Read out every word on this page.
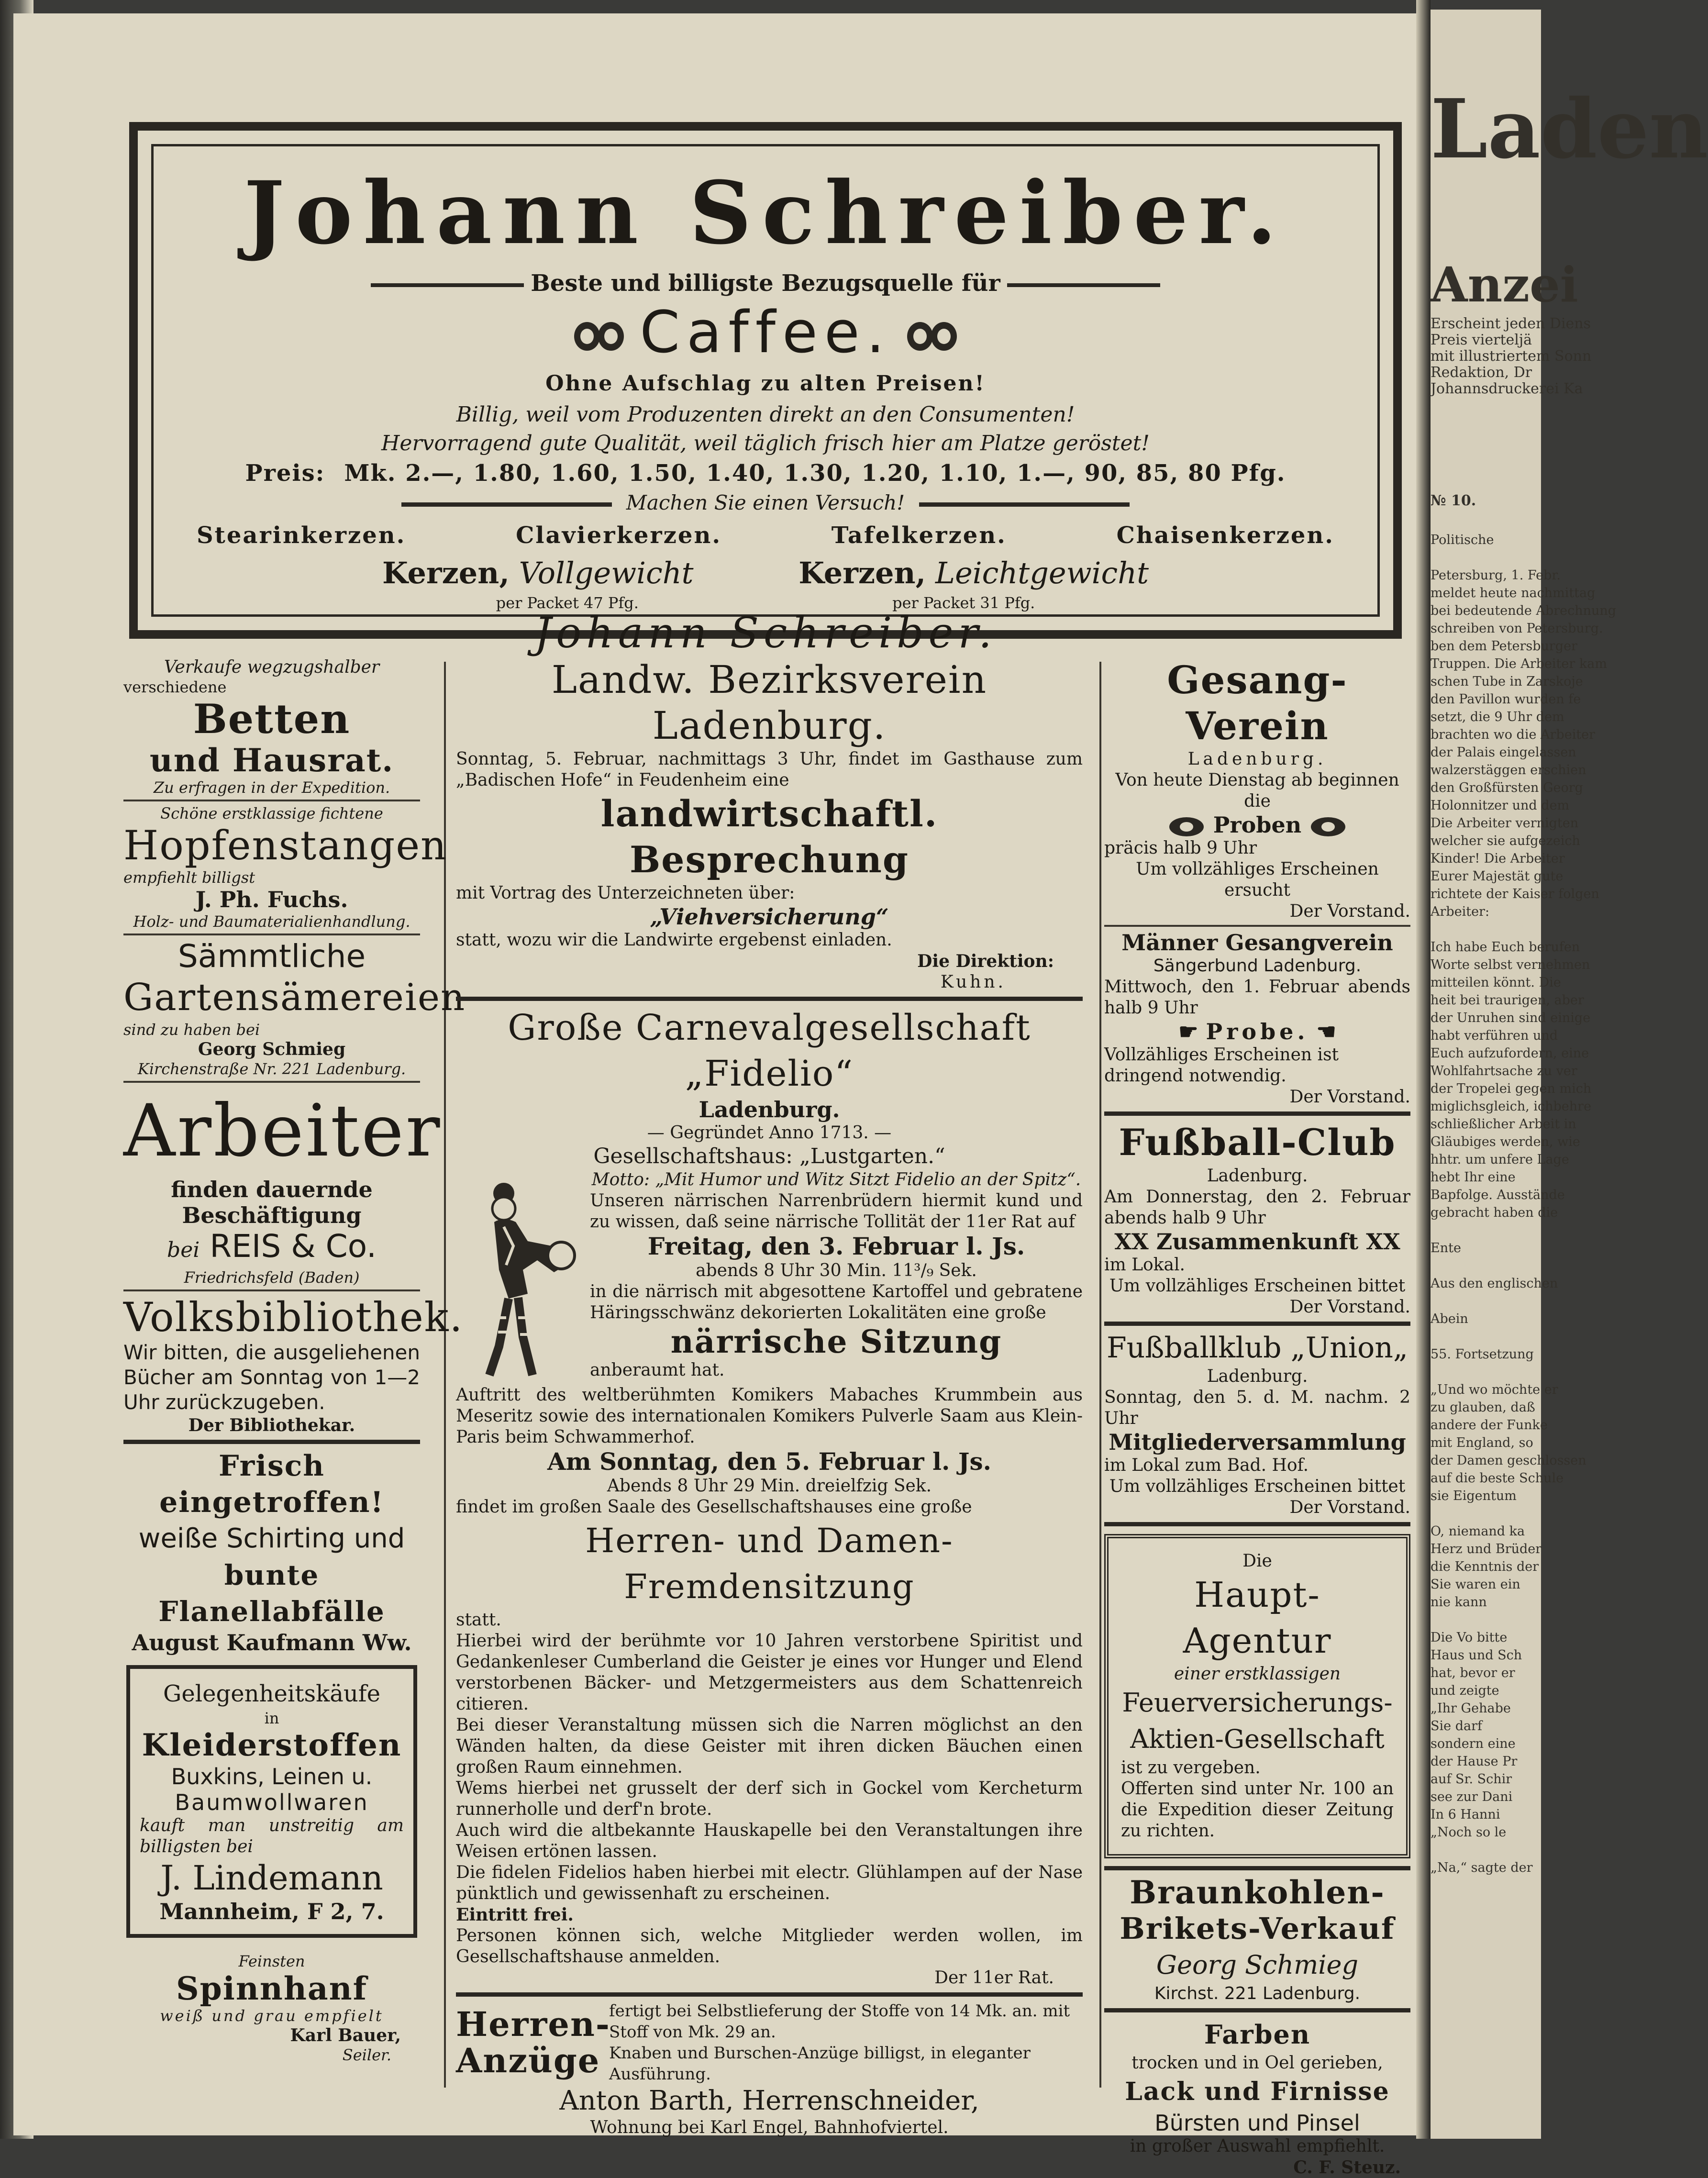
Johann Schreiber.
Beste und billigste Bezugsquelle für
Caffee.
Ohne Aufschlag zu alten Preisen!
Billig, weil vom Produzenten direkt an den Consumenten!
Hervorragend gute Qualität, weil täglich frisch hier am Platze geröstet!
Preis: Mk. 2.—, 1.80, 1.60, 1.50, 1.40, 1.30, 1.20, 1.10, 1.—, 90, 85, 80 Pfg.
Machen Sie einen Versuch!
Stearinkerzen.	Clavierkerzen.	Tafelkerzen.	Chaisenkerzen.
Kerzen, Vollgewicht	Kerzen, Leichtgewicht
per Packet 47 Pfg.	per Packet 31 Pfg.
Johann Schreiber.

Verkaufe wegzugshalber

verschiedene

Betten

und Hausrat.

Zu erfragen in der Expedition.

Schöne erstklassige fichtene

Hopfenstangen

empfiehlt billigst

J. Ph. Fuchs.

Holz- und Baumaterialienhandlung.

Sämmtliche

Gartensämereien

sind zu haben bei

Georg Schmieg

Kirchenstraße Nr. 221 Ladenburg.

Arbeiter

finden dauernde Beschäftigung

bei REIS & Co.

Friedrichsfeld (Baden)

Volksbibliothek.

Wir bitten, die ausgeliehenen Bücher am Sonntag von 1—2 Uhr zurückzugeben.

Der Bibliothekar.

Frisch eingetroffen!

weiße Schirting und

bunte Flanellabfälle

August Kaufmann Ww.

Gelegenheitskäufe

in

Kleiderstoffen

Buxkins, Leinen u.

Baumwollwaren

kauft man unstreitig am billigsten bei

J. Lindemann

Mannheim, F 2, 7.

Feinsten

Spinnhanf

weiß und grau empfielt

Karl Bauer,

Seiler.

Landw. Bezirksverein Ladenburg.

Sonntag, 5. Februar, nachmittags 3 Uhr, findet im Gasthause zum „Badischen Hofe“ in Feudenheim eine

landwirtschaftl. Besprechung

mit Vortrag des Unterzeichneten über:

„Viehversicherung“

statt, wozu wir die Landwirte ergebenst einladen.

Die Direktion:

Kuhn.

Große Carnevalgesellschaft „Fidelio“

Ladenburg.

— Gegründet Anno 1713. —

Gesellschaftshaus: „Lustgarten.“

Motto: „Mit Humor und Witz Sitzt Fidelio an der Spitz“.

Unseren närrischen Narrenbrüdern hiermit kund und zu wissen, daß seine närrische Tollität der 11er Rat auf

Freitag, den 3. Februar l. Js.

abends 8 Uhr 30 Min. 11³/₉ Sek.

in die närrisch mit abgesottene Kartoffel und gebratene Häringsschwänz dekorierten Lokalitäten eine große

närrische Sitzung

anberaumt hat.

Auftritt des weltberühmten Komikers Mabaches Krummbein aus Meseritz sowie des internationalen Komikers Pulverle Saam aus Klein-Paris beim Schwammerhof.

Am Sonntag, den 5. Februar l. Js.

Abends 8 Uhr 29 Min. dreielfzig Sek.

findet im großen Saale des Gesellschaftshauses eine große

Herren- und Damen-Fremdensitzung

statt.

Hierbei wird der berühmte vor 10 Jahren verstorbene Spiritist und Gedankenleser Cumberland die Geister je eines vor Hunger und Elend verstorbenen Bäcker- und Metzgermeisters aus dem Schattenreich citieren.

Bei dieser Veranstaltung müssen sich die Narren möglichst an den Wänden halten, da diese Geister mit ihren dicken Bäuchen einen großen Raum einnehmen.

Wems hierbei net grusselt der derf sich in Gockel vom Kercheturm runnerholle und derf'n brote.

Auch wird die altbekannte Hauskapelle bei den Veranstaltungen ihre Weisen ertönen lassen.

Die fidelen Fidelios haben hierbei mit electr. Glühlampen auf der Nase pünktlich und gewissenhaft zu erscheinen.

Eintritt frei.

Personen können sich, welche Mitglieder werden wollen, im Gesellschaftshause anmelden.

Der 11er Rat.

Herren-

Anzüge

fertigt bei Selbstlieferung der Stoffe von 14 Mk. an. mit Stoff von Mk. 29 an.

Knaben und Burschen-Anzüge billigst, in eleganter Ausführung.

Anton Barth, Herrenschneider,

Wohnung bei Karl Engel, Bahnhofviertel.

Gesang-Verein

Ladenburg.

Von heute Dienstag ab beginnen die

Proben

präcis halb 9 Uhr

Um vollzähliges Erscheinen ersucht

Der Vorstand.

Männer Gesangverein

Sängerbund Ladenburg.

Mittwoch, den 1. Februar abends halb 9 Uhr

☛ Probe. ☚

Vollzähliges Erscheinen ist dringend notwendig.

Der Vorstand.

Fußball-Club

Ladenburg.

Am Donnerstag, den 2. Februar abends halb 9 Uhr

XX Zusammenkunft XX

im Lokal.

Um vollzähliges Erscheinen bittet

Der Vorstand.

Fußballklub „Union„

Ladenburg.

Sonntag, den 5. d. M. nachm. 2 Uhr

Mitgliederversammlung

im Lokal zum Bad. Hof.

Um vollzähliges Erscheinen bittet

Der Vorstand.

Die

Haupt-Agentur

einer erstklassigen

Feuerversicherungs-

Aktien-Gesellschaft

ist zu vergeben.

Offerten sind unter Nr. 100 an die Expedition dieser Zeitung zu richten.

Braunkohlen-

Brikets-Verkauf

Georg Schmieg

Kirchst. 221 Ladenburg.

Farben

trocken und in Oel gerieben,

Lack und Firnisse

Bürsten und Pinsel

in großer Auswahl empfiehlt.

C. F. Steuz.

Laden
Anzei
Erscheint jeden Diens
Preis vierteljä
mit illustriertem Sonn
Redaktion, Dr
Johannsdruckerei Ka
№ 10.
Politische

Petersburg, 1. Febr.
meldet heute nachmittag
bei bedeutende Abrechnung
schreiben von Petersburg.
ben dem Petersburger
Truppen. Die Arbeiter kam
schen Tube in Zarskoje
den Pavillon wurden fe
setzt, die 9 Uhr dem
brachten wo die Arbeiter
der Palais eingelassen
walzerstäggen erschien
den Großfürsten Georg
Holonnitzer und dem
Die Arbeiter vernigten
welcher sie aufgezeich
Kinder! Die Arbeiter
Eurer Majestät gute
richtete der Kaiser folgen
Arbeiter:

Ich habe Euch berufen
Worte selbst vernehmen
mitteilen könnt. Die
heit bei traurigen, aber
der Unruhen sind einige
habt verführen und
Euch aufzufordern, eine
Wohlfahrtsache zu ver
der Tropelei gegen mich
miglichsgleich, ichbehre
schließlicher Arbeit in
Gläubiges werden, wie
hhtr. um unfere Lage
hebt Ihr eine
Bapfolge. Ausstände
gebracht haben die

Ente

Aus den englischen

Abein

55. Fortsetzung

„Und wo möchte er
zu glauben, daß
andere der Funke
mit England, so
der Damen geschlossen
auf die beste Schule
sie Eigentum

O, niemand ka
Herz und Brüder
die Kenntnis der
Sie waren ein
nie kann

Die Vo bitte
Haus und Sch
hat, bevor er
und zeigte
„Ihr Gehabe
Sie darf
sondern eine
der Hause Pr
auf Sr. Schir
see zur Dani
In 6 Hanni
„Noch so le

„Na,“ sagte der
